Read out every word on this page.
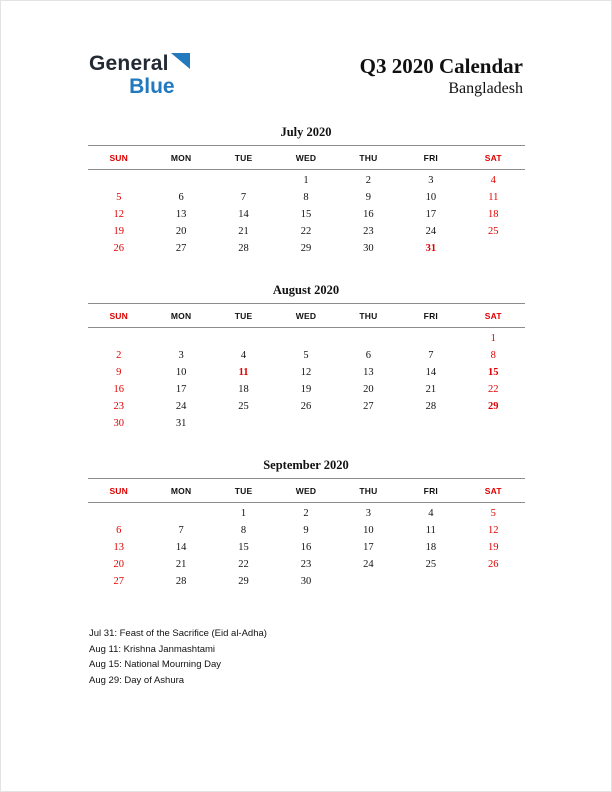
General
Blue
Q3 2020 Calendar
Bangladesh
July 2020
SUN	MON	TUE	WED	THU	FRI	SAT
			1	2	3	4
5	6	7	8	9	10	11
12	13	14	15	16	17	18
19	20	21	22	23	24	25
26	27	28	29	30	31	
August 2020
SUN	MON	TUE	WED	THU	FRI	SAT
						1
2	3	4	5	6	7	8
9	10	11	12	13	14	15
16	17	18	19	20	21	22
23	24	25	26	27	28	29
30	31					
September 2020
SUN	MON	TUE	WED	THU	FRI	SAT
		1	2	3	4	5
6	7	8	9	10	11	12
13	14	15	16	17	18	19
20	21	22	23	24	25	26
27	28	29	30			
Jul 31: Feast of the Sacrifice (Eid al-Adha)
Aug 11: Krishna Janmashtami
Aug 15: National Mourning Day
Aug 29: Day of Ashura
